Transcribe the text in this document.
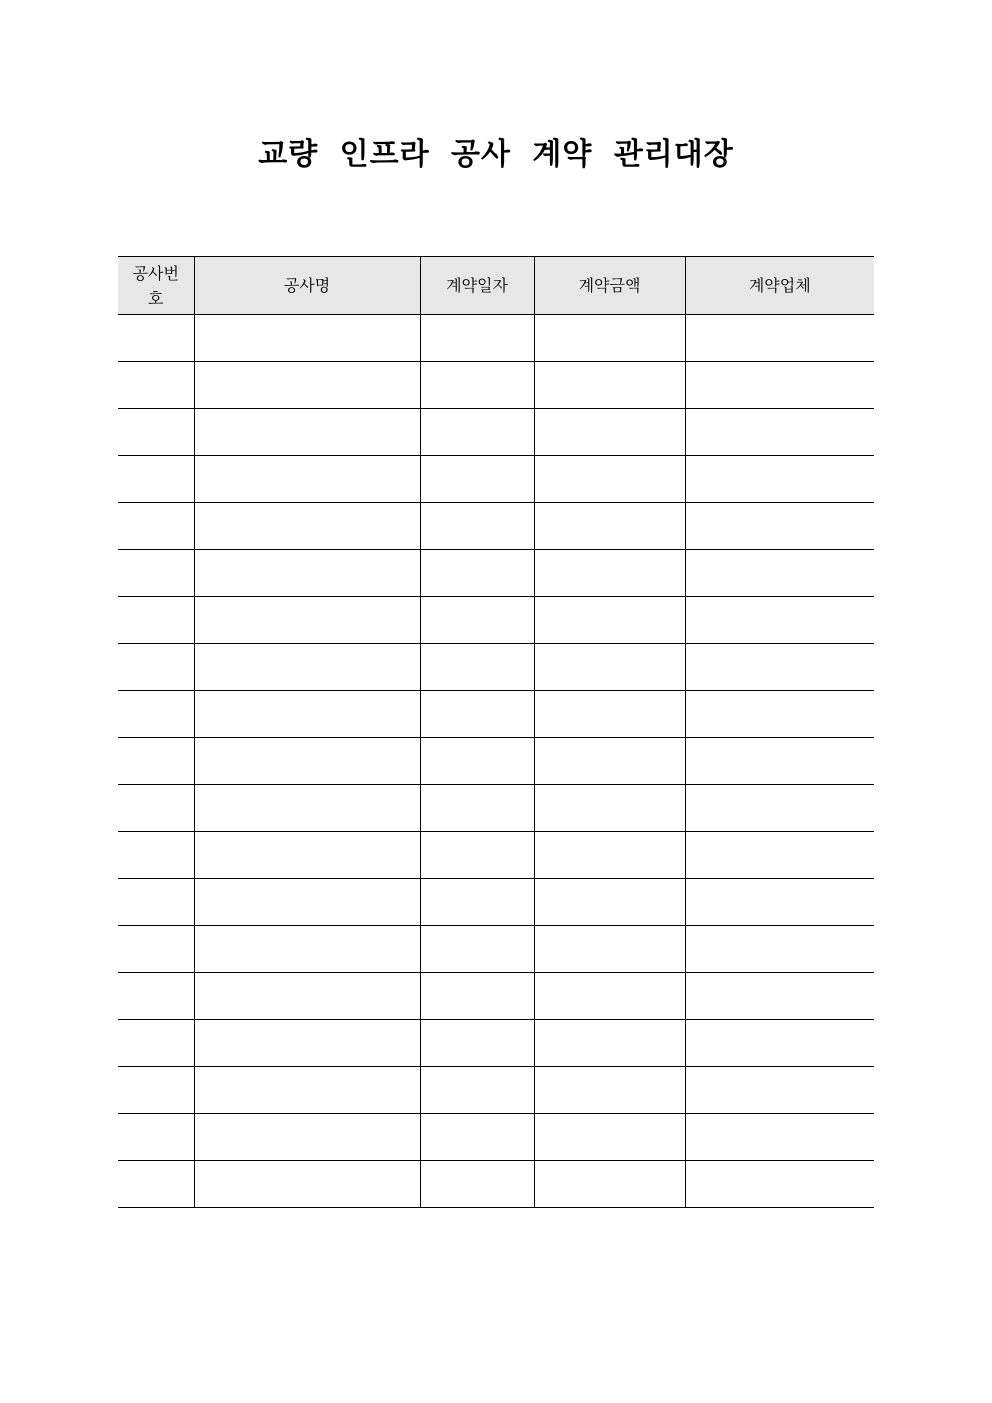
교량 인프라 공사 계약 관리대장
공사번호	공사명	계약일자	계약금액	계약업체
